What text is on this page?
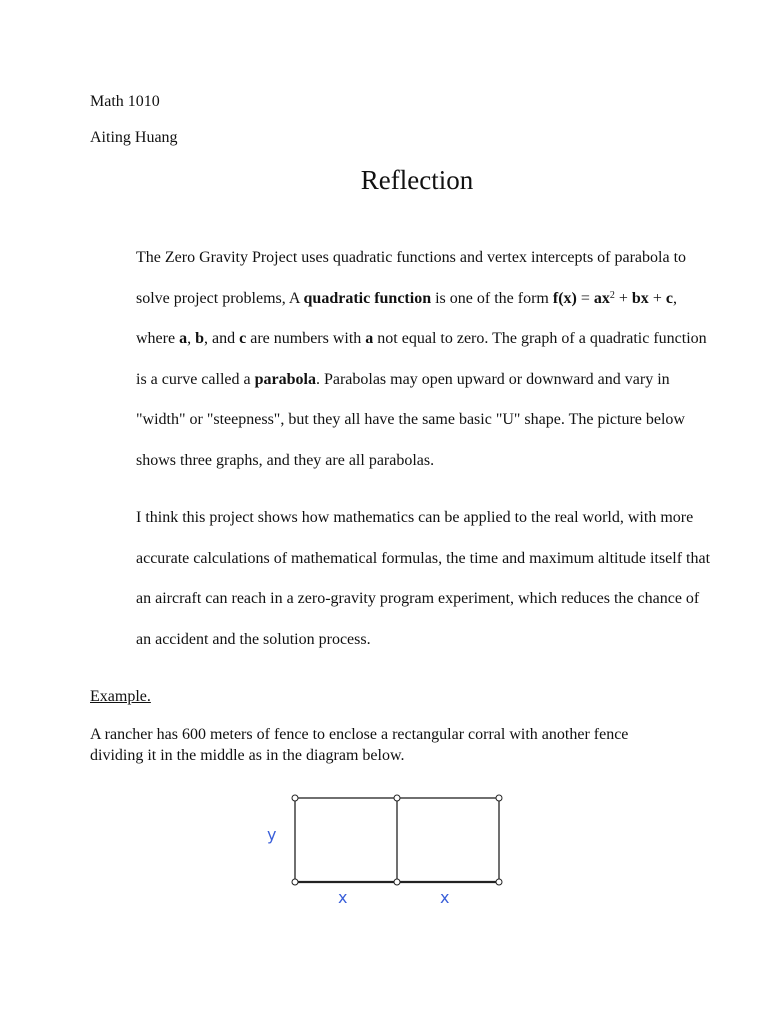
Math 1010
Aiting Huang
Reflection
The Zero Gravity Project uses quadratic functions and vertex intercepts of parabola to solve project problems, A quadratic function is one of the form $f(x) = ax^2$ + bx + c, where a, b, and c are numbers with a not equal to zero. The graph of a quadratic function is a curve called a parabola. Parabolas may open upward or downward and vary in "width" or "steepness", but they all have the same basic "U" shape. The picture below shows three graphs, and they are all parabolas.
I think this project shows how mathematics can be applied to the real world, with more accurate calculations of mathematical formulas, the time and maximum altitude itself that an aircraft can reach in a zero-gravity program experiment, which reduces the chance of an accident and the solution process.
Example.
A rancher has 600 meters of fence to enclose a rectangular corral with another fence dividing it in the middle as in the diagram below.
y
x	x
